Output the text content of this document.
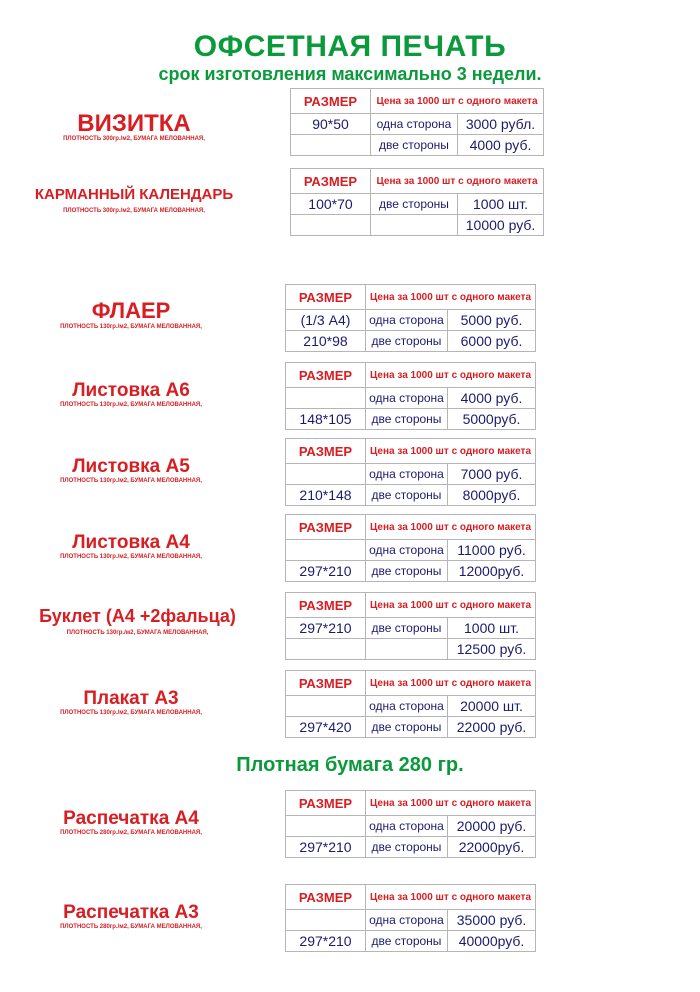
ОФСЕТНАЯ ПЕЧАТЬ
срок изготовления максимально 3 недели.
Плотная бумага 280 гр.
ВИЗИТКА
ПЛОТНОСТЬ 300гр./м2, БУМАГА МЕЛОВАННАЯ,
РАЗМЕР	Цена за 1000 шт с одного макета	
90*50	одна сторона	3000 рубл.
	две стороны	4000 руб.
КАРМАННЫЙ КАЛЕНДАРЬ
ПЛОТНОСТЬ 300гр./м2, БУМАГА МЕЛОВАННАЯ,
РАЗМЕР	Цена за 1000 шт с одного макета	
100*70	две стороны	1000 шт.
		10000 руб.
ФЛАЕР
ПЛОТНОСТЬ 130гр./м2, БУМАГА МЕЛОВАННАЯ,
РАЗМЕР	Цена за 1000 шт с одного макета	
(1/3 А4)	одна сторона	5000 руб.
210*98	две стороны	6000 руб.
Листовка А6
ПЛОТНОСТЬ 130гр./м2, БУМАГА МЕЛОВАННАЯ,
РАЗМЕР	Цена за 1000 шт с одного макета	
	одна сторона	4000 руб.
148*105	две стороны	5000руб.
Листовка А5
ПЛОТНОСТЬ 130гр./м2, БУМАГА МЕЛОВАННАЯ,
РАЗМЕР	Цена за 1000 шт с одного макета	
	одна сторона	7000 руб.
210*148	две стороны	8000руб.
Листовка А4
ПЛОТНОСТЬ 130гр./м2, БУМАГА МЕЛОВАННАЯ,
РАЗМЕР	Цена за 1000 шт с одного макета	
	одна сторона	11000 руб.
297*210	две стороны	12000руб.
Буклет (А4 +2фальца)
ПЛОТНОСТЬ 130гр./м2, БУМАГА МЕЛОВАННАЯ,
РАЗМЕР	Цена за 1000 шт с одного макета	
297*210	две стороны	1000 шт.
		12500 руб.
Плакат А3
ПЛОТНОСТЬ 130гр./м2, БУМАГА МЕЛОВАННАЯ,
РАЗМЕР	Цена за 1000 шт с одного макета	
	одна сторона	20000 шт.
297*420	две стороны	22000 руб.
Распечатка А4
ПЛОТНОСТЬ 280гр./м2, БУМАГА МЕЛОВАННАЯ,
РАЗМЕР	Цена за 1000 шт с одного макета	
	одна сторона	20000 руб.
297*210	две стороны	22000руб.
Распечатка А3
ПЛОТНОСТЬ 280гр./м2, БУМАГА МЕЛОВАННАЯ,
РАЗМЕР	Цена за 1000 шт с одного макета	
	одна сторона	35000 руб.
297*210	две стороны	40000руб.
